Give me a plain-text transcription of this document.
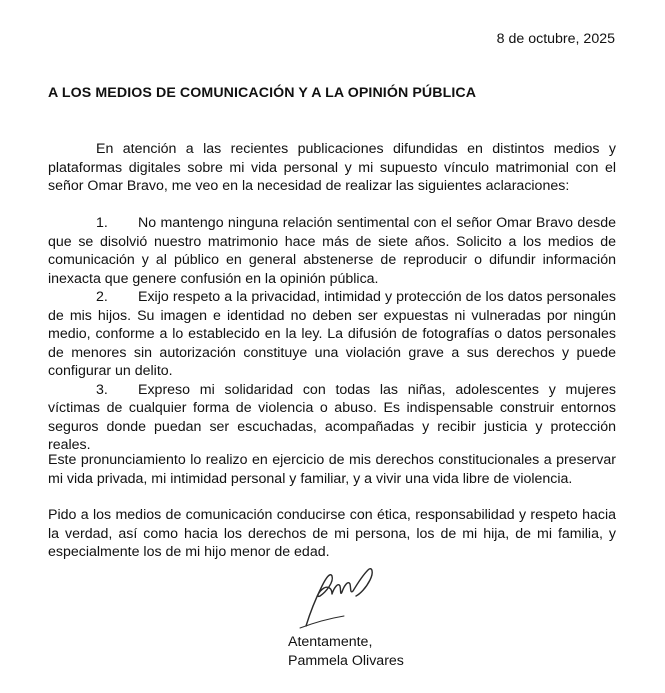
8 de octubre, 2025
A LOS MEDIOS DE COMUNICACIÓN Y A LA OPINIÓN PÚBLICA

En atención a las recientes publicaciones difundidas en distintos medios y plataformas digitales sobre mi vida personal y mi supuesto vínculo matrimonial con el señor Omar Bravo, me veo en la necesidad de realizar las siguientes aclaraciones:

1. No mantengo ninguna relación sentimental con el señor Omar Bravo desde que se disolvió nuestro matrimonio hace más de siete años. Solicito a los medios de comunicación y al público en general abstenerse de reproducir o difundir información inexacta que genere confusión en la opinión pública.
2. Exijo respeto a la privacidad, intimidad y protección de los datos personales de mis hijos. Su imagen e identidad no deben ser expuestas ni vulneradas por ningún medio, conforme a lo establecido en la ley. La difusión de fotografías o datos personales de menores sin autorización constituye una violación grave a sus derechos y puede configurar un delito.
3. Expreso mi solidaridad con todas las niñas, adolescentes y mujeres víctimas de cualquier forma de violencia o abuso. Es indispensable construir entornos seguros donde puedan ser escuchadas, acompañadas y recibir justicia y protección reales.

Este pronunciamiento lo realizo en ejercicio de mis derechos constitucionales a preservar mi vida privada, mi intimidad personal y familiar, y a vivir una vida libre de violencia.

Pido a los medios de comunicación conducirse con ética, responsabilidad y respeto hacia la verdad, así como hacia los derechos de mi persona, los de mi hija, de mi familia, y especialmente los de mi hijo menor de edad.

Atentamente,
Pammela Olivares
